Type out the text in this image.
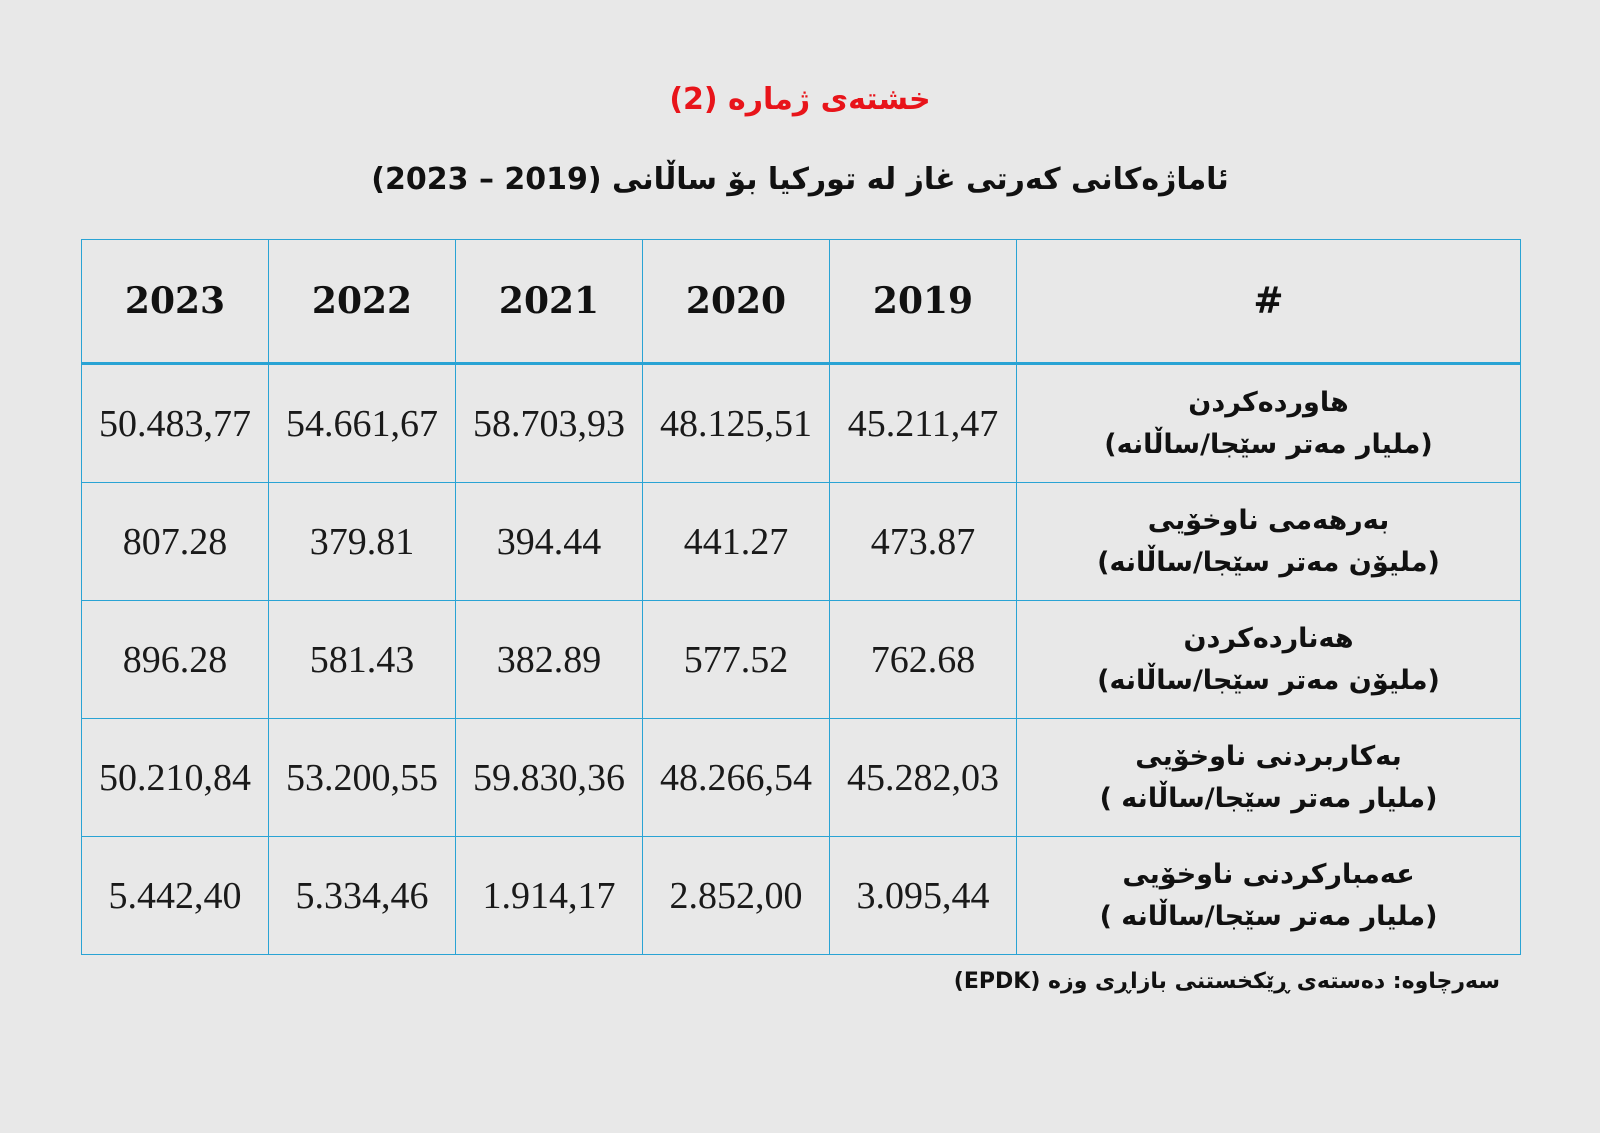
خشتەی ژمارە (2)
ئاماژەکانی کەرتی غاز لە تورکیا بۆ ساڵانی (2019 – 2023)
#	2019	2020	2021	2022	2023

هاوردەکردن
(ملیار مەتر سێجا/ساڵانە)	45.211,47	48.125,51	58.703,93	54.661,67	50.483,77

بەرهەمی ناوخۆیی
(ملیۆن مەتر سێجا/ساڵانە)	473.87	441.27	394.44	379.81	807.28

هەناردەکردن
(ملیۆن مەتر سێجا/ساڵانە)	762.68	577.52	382.89	581.43	896.28

بەکاربردنی ناوخۆیی
(ملیار مەتر سێجا/ساڵانە )	45.282,03	48.266,54	59.830,36	53.200,55	50.210,84

عەمبارکردنی ناوخۆیی
(ملیار مەتر سێجا/ساڵانە )	3.095,44	2.852,00	1.914,17	5.334,46	5.442,40
سەرچاوە: دەستەی ڕێکخستنی بازاڕی وزە (EPDK)
